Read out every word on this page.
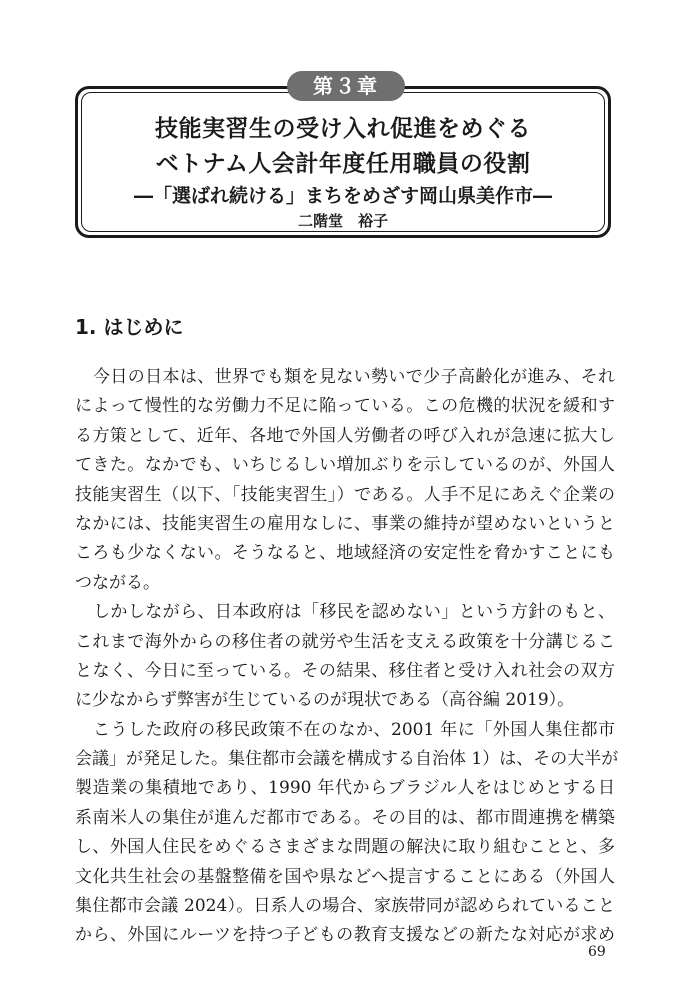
第３章
技能実習生の受け入れ促進をめぐる
ベトナム人会計年度任用職員の役割
―「選ばれ続ける」まちをめざす岡山県美作市―
二階堂　裕子
1. はじめに
今日の日本は、世界でも類を見ない勢いで少子高齢化が進み、それ
によって慢性的な労働力不足に陥っている。この危機的状況を緩和す
る方策として、近年、各地で外国人労働者の呼び入れが急速に拡大し
てきた。なかでも、いちじるしい増加ぶりを示しているのが、外国人
技能実習生（以下、「技能実習生」）である。人手不足にあえぐ企業の
なかには、技能実習生の雇用なしに、事業の維持が望めないというと
ころも少なくない。そうなると、地域経済の安定性を脅かすことにも
つながる。
しかしながら、日本政府は「移民を認めない」という方針のもと、
これまで海外からの移住者の就労や生活を支える政策を十分講じるこ
となく、今日に至っている。その結果、移住者と受け入れ社会の双方
に少なからず弊害が生じているのが現状である（高谷編 2019）。
こうした政府の移民政策不在のなか、2001 年に「外国人集住都市
会議」が発足した。集住都市会議を構成する自治体 1）は、その大半が
製造業の集積地であり、1990 年代からブラジル人をはじめとする日
系南米人の集住が進んだ都市である。その目的は、都市間連携を構築
し、外国人住民をめぐるさまざまな問題の解決に取り組むことと、多
文化共生社会の基盤整備を国や県などへ提言することにある（外国人
集住都市会議 2024）。日系人の場合、家族帯同が認められていること
から、外国にルーツを持つ子どもの教育支援などの新たな対応が求め
69
